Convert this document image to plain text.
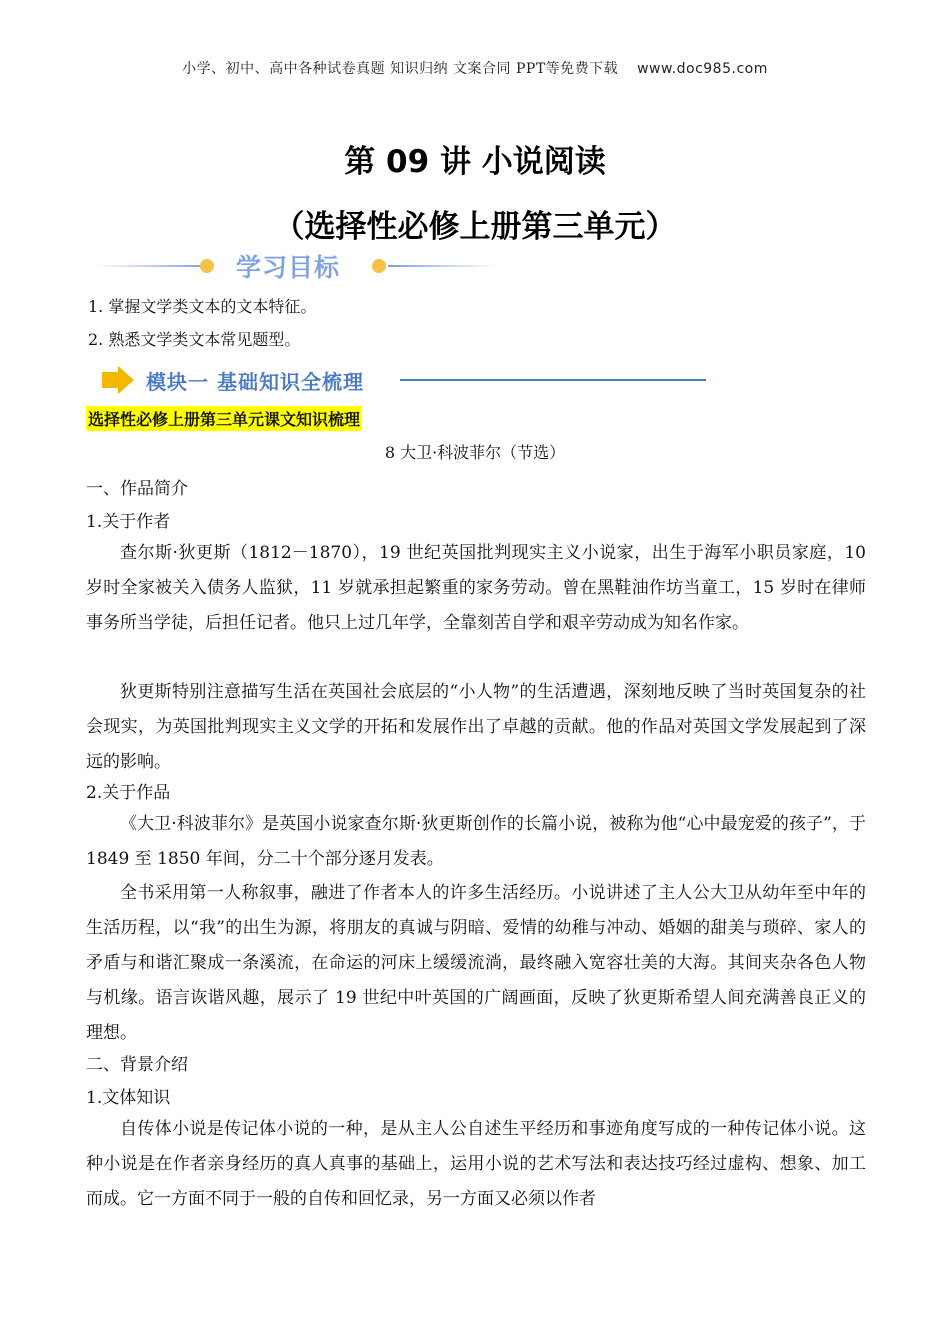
小学、初中、高中各种试卷真题 知识归纳 文案合同 PPT等免费下载 www.doc985.com
第 09 讲 小说阅读
（选择性必修上册第三单元）
学习目标
1. 掌握文学类文本的文本特征。
2. 熟悉文学类文本常见题型。
模块一 基础知识全梳理
选择性必修上册第三单元课文知识梳理
8 大卫·科波菲尔（节选）
一、作品简介
1.关于作者
查尔斯·狄更斯（1812－1870），19 世纪英国批判现实主义小说家，出生于海军小职员家庭，10 岁时全家被关入债务人监狱，11 岁就承担起繁重的家务劳动。曾在黑鞋油作坊当童工，15 岁时在律师事务所当学徒，后担任记者。他只上过几年学，全靠刻苦自学和艰辛劳动成为知名作家。
狄更斯特别注意描写生活在英国社会底层的“小人物”的生活遭遇，深刻地反映了当时英国复杂的社会现实，为英国批判现实主义文学的开拓和发展作出了卓越的贡献。他的作品对英国文学发展起到了深远的影响。
2.关于作品
《大卫·科波菲尔》是英国小说家查尔斯·狄更斯创作的长篇小说，被称为他“心中最宠爱的孩子”，于 1849 至 1850 年间，分二十个部分逐月发表。
全书采用第一人称叙事，融进了作者本人的许多生活经历。小说讲述了主人公大卫从幼年至中年的生活历程，以“我”的出生为源，将朋友的真诚与阴暗、爱情的幼稚与冲动、婚姻的甜美与琐碎、家人的矛盾与和谐汇聚成一条溪流，在命运的河床上缓缓流淌，最终融入宽容壮美的大海。其间夹杂各色人物与机缘。语言诙谐风趣，展示了 19 世纪中叶英国的广阔画面，反映了狄更斯希望人间充满善良正义的理想。
二、背景介绍
1.文体知识
自传体小说是传记体小说的一种，是从主人公自述生平经历和事迹角度写成的一种传记体小说。这种小说是在作者亲身经历的真人真事的基础上，运用小说的艺术写法和表达技巧经过虚构、想象、加工而成。它一方面不同于一般的自传和回忆录，另一方面又必须以作者
